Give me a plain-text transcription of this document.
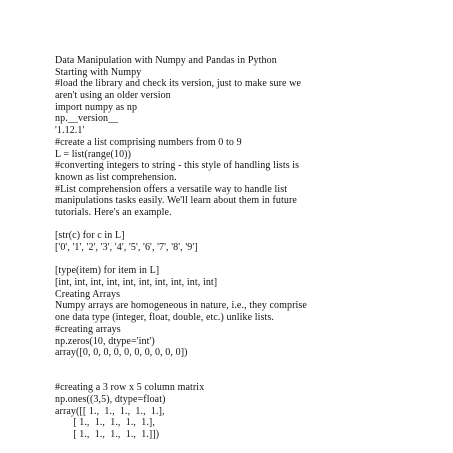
Data Manipulation with Numpy and Pandas in Python
Starting with Numpy
#load the library and check its version, just to make sure we
aren't using an older version
import numpy as np
np.__version__
'1.12.1'
#create a list comprising numbers from 0 to 9
L = list(range(10))
#converting integers to string - this style of handling lists is
known as list comprehension.
#List comprehension offers a versatile way to handle list
manipulations tasks easily. We'll learn about them in future
tutorials. Here's an example.
[str(c) for c in L]
['0', '1', '2', '3', '4', '5', '6', '7', '8', '9']
[type(item) for item in L]
[int, int, int, int, int, int, int, int, int, int]
Creating Arrays
Numpy arrays are homogeneous in nature, i.e., they comprise
one data type (integer, float, double, etc.) unlike lists.
#creating arrays
np.zeros(10, dtype='int')
array([0, 0, 0, 0, 0, 0, 0, 0, 0, 0])
#creating a 3 row x 5 column matrix
np.ones((3,5), dtype=float)
array([[ 1.,  1.,  1.,  1.,  1.],
[ 1.,  1.,  1.,  1.,  1.],
[ 1.,  1.,  1.,  1.,  1.]])
